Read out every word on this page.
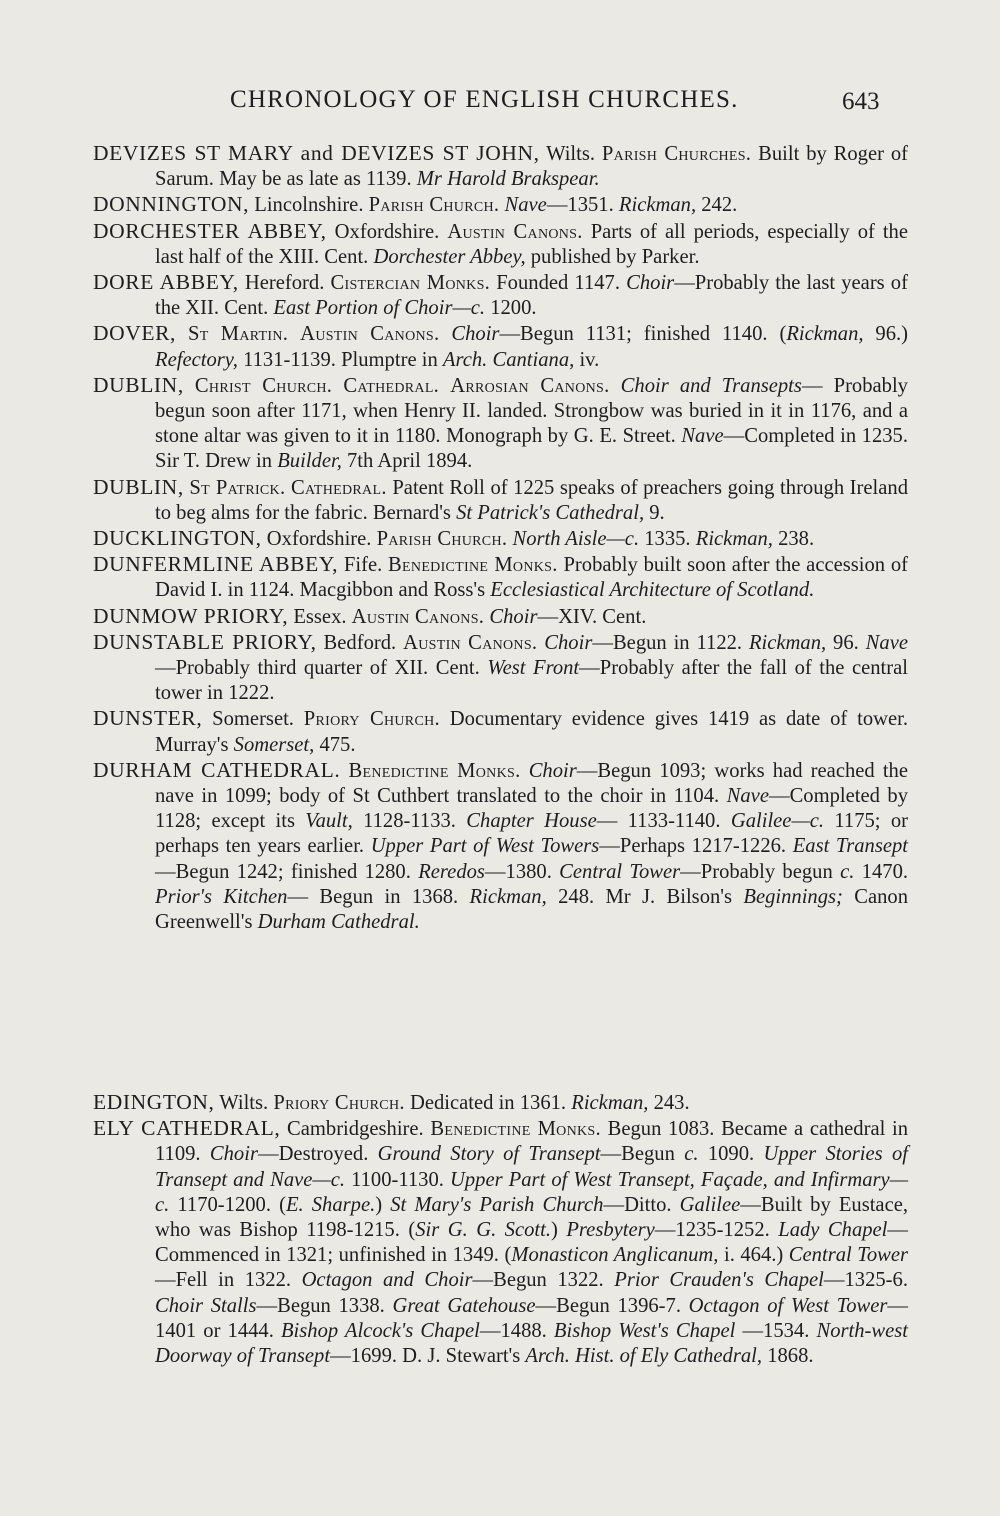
CHRONOLOGY OF ENGLISH CHURCHES.	643
DEVIZES ST MARY and DEVIZES ST JOHN, Wilts. Parish Churches. Built by Roger of Sarum. May be as late as 1139. Mr Harold Brakspear.
DONNINGTON, Lincolnshire. Parish Church. Nave—1351. Rickman, 242.
DORCHESTER ABBEY, Oxfordshire. Austin Canons. Parts of all periods, especially of the last half of the XIII. Cent. Dorchester Abbey, published by Parker.
DORE ABBEY, Hereford. Cistercian Monks. Founded 1147. Choir—Probably the last years of the XII. Cent. East Portion of Choir—c. 1200.
DOVER, St Martin. Austin Canons. Choir—Begun 1131; finished 1140. (Rickman, 96.) Refectory, 1131-1139. Plumptre in Arch. Cantiana, iv.
DUBLIN, Christ Church. Cathedral. Arrosian Canons. Choir and Transepts— Probably begun soon after 1171, when Henry II. landed. Strongbow was buried in it in 1176, and a stone altar was given to it in 1180. Monograph by G. E. Street. Nave—Completed in 1235. Sir T. Drew in Builder, 7th April 1894.
DUBLIN, St Patrick. Cathedral. Patent Roll of 1225 speaks of preachers going through Ireland to beg alms for the fabric. Bernard's St Patrick's Cathedral, 9.
DUCKLINGTON, Oxfordshire. Parish Church. North Aisle—c. 1335. Rickman, 238.
DUNFERMLINE ABBEY, Fife. Benedictine Monks. Probably built soon after the accession of David I. in 1124. Macgibbon and Ross's Ecclesiastical Architecture of Scotland.
DUNMOW PRIORY, Essex. Austin Canons. Choir—XIV. Cent.
DUNSTABLE PRIORY, Bedford. Austin Canons. Choir—Begun in 1122. Rickman, 96. Nave—Probably third quarter of XII. Cent. West Front—Probably after the fall of the central tower in 1222.
DUNSTER, Somerset. Priory Church. Documentary evidence gives 1419 as date of tower. Murray's Somerset, 475.
DURHAM CATHEDRAL. Benedictine Monks. Choir—Begun 1093; works had reached the nave in 1099; body of St Cuthbert translated to the choir in 1104. Nave—Completed by 1128; except its Vault, 1128-1133. Chapter House— 1133-1140. Galilee—c. 1175; or perhaps ten years earlier. Upper Part of West Towers—Perhaps 1217-1226. East Transept—Begun 1242; finished 1280. Reredos—1380. Central Tower—Probably begun c. 1470. Prior's Kitchen— Begun in 1368. Rickman, 248. Mr J. Bilson's Beginnings; Canon Greenwell's Durham Cathedral.
EDINGTON, Wilts. Priory Church. Dedicated in 1361. Rickman, 243.
ELY CATHEDRAL, Cambridgeshire. Benedictine Monks. Begun 1083. Became a cathedral in 1109. Choir—Destroyed. Ground Story of Transept—Begun c. 1090. Upper Stories of Transept and Nave—c. 1100-1130. Upper Part of West Transept, Façade, and Infirmary—c. 1170-1200. (E. Sharpe.) St Mary's Parish Church—Ditto. Galilee—Built by Eustace, who was Bishop 1198-1215. (Sir G. G. Scott.) Presbytery—1235-1252. Lady Chapel—Commenced in 1321; unfinished in 1349. (Monasticon Anglicanum, i. 464.) Central Tower—Fell in 1322. Octagon and Choir—Begun 1322. Prior Crauden's Chapel—1325-6. Choir Stalls—Begun 1338. Great Gatehouse—Begun 1396-7. Octagon of West Tower—1401 or 1444. Bishop Alcock's Chapel—1488. Bishop West's Chapel —1534. North-west Doorway of Transept—1699. D. J. Stewart's Arch. Hist. of Ely Cathedral, 1868.
